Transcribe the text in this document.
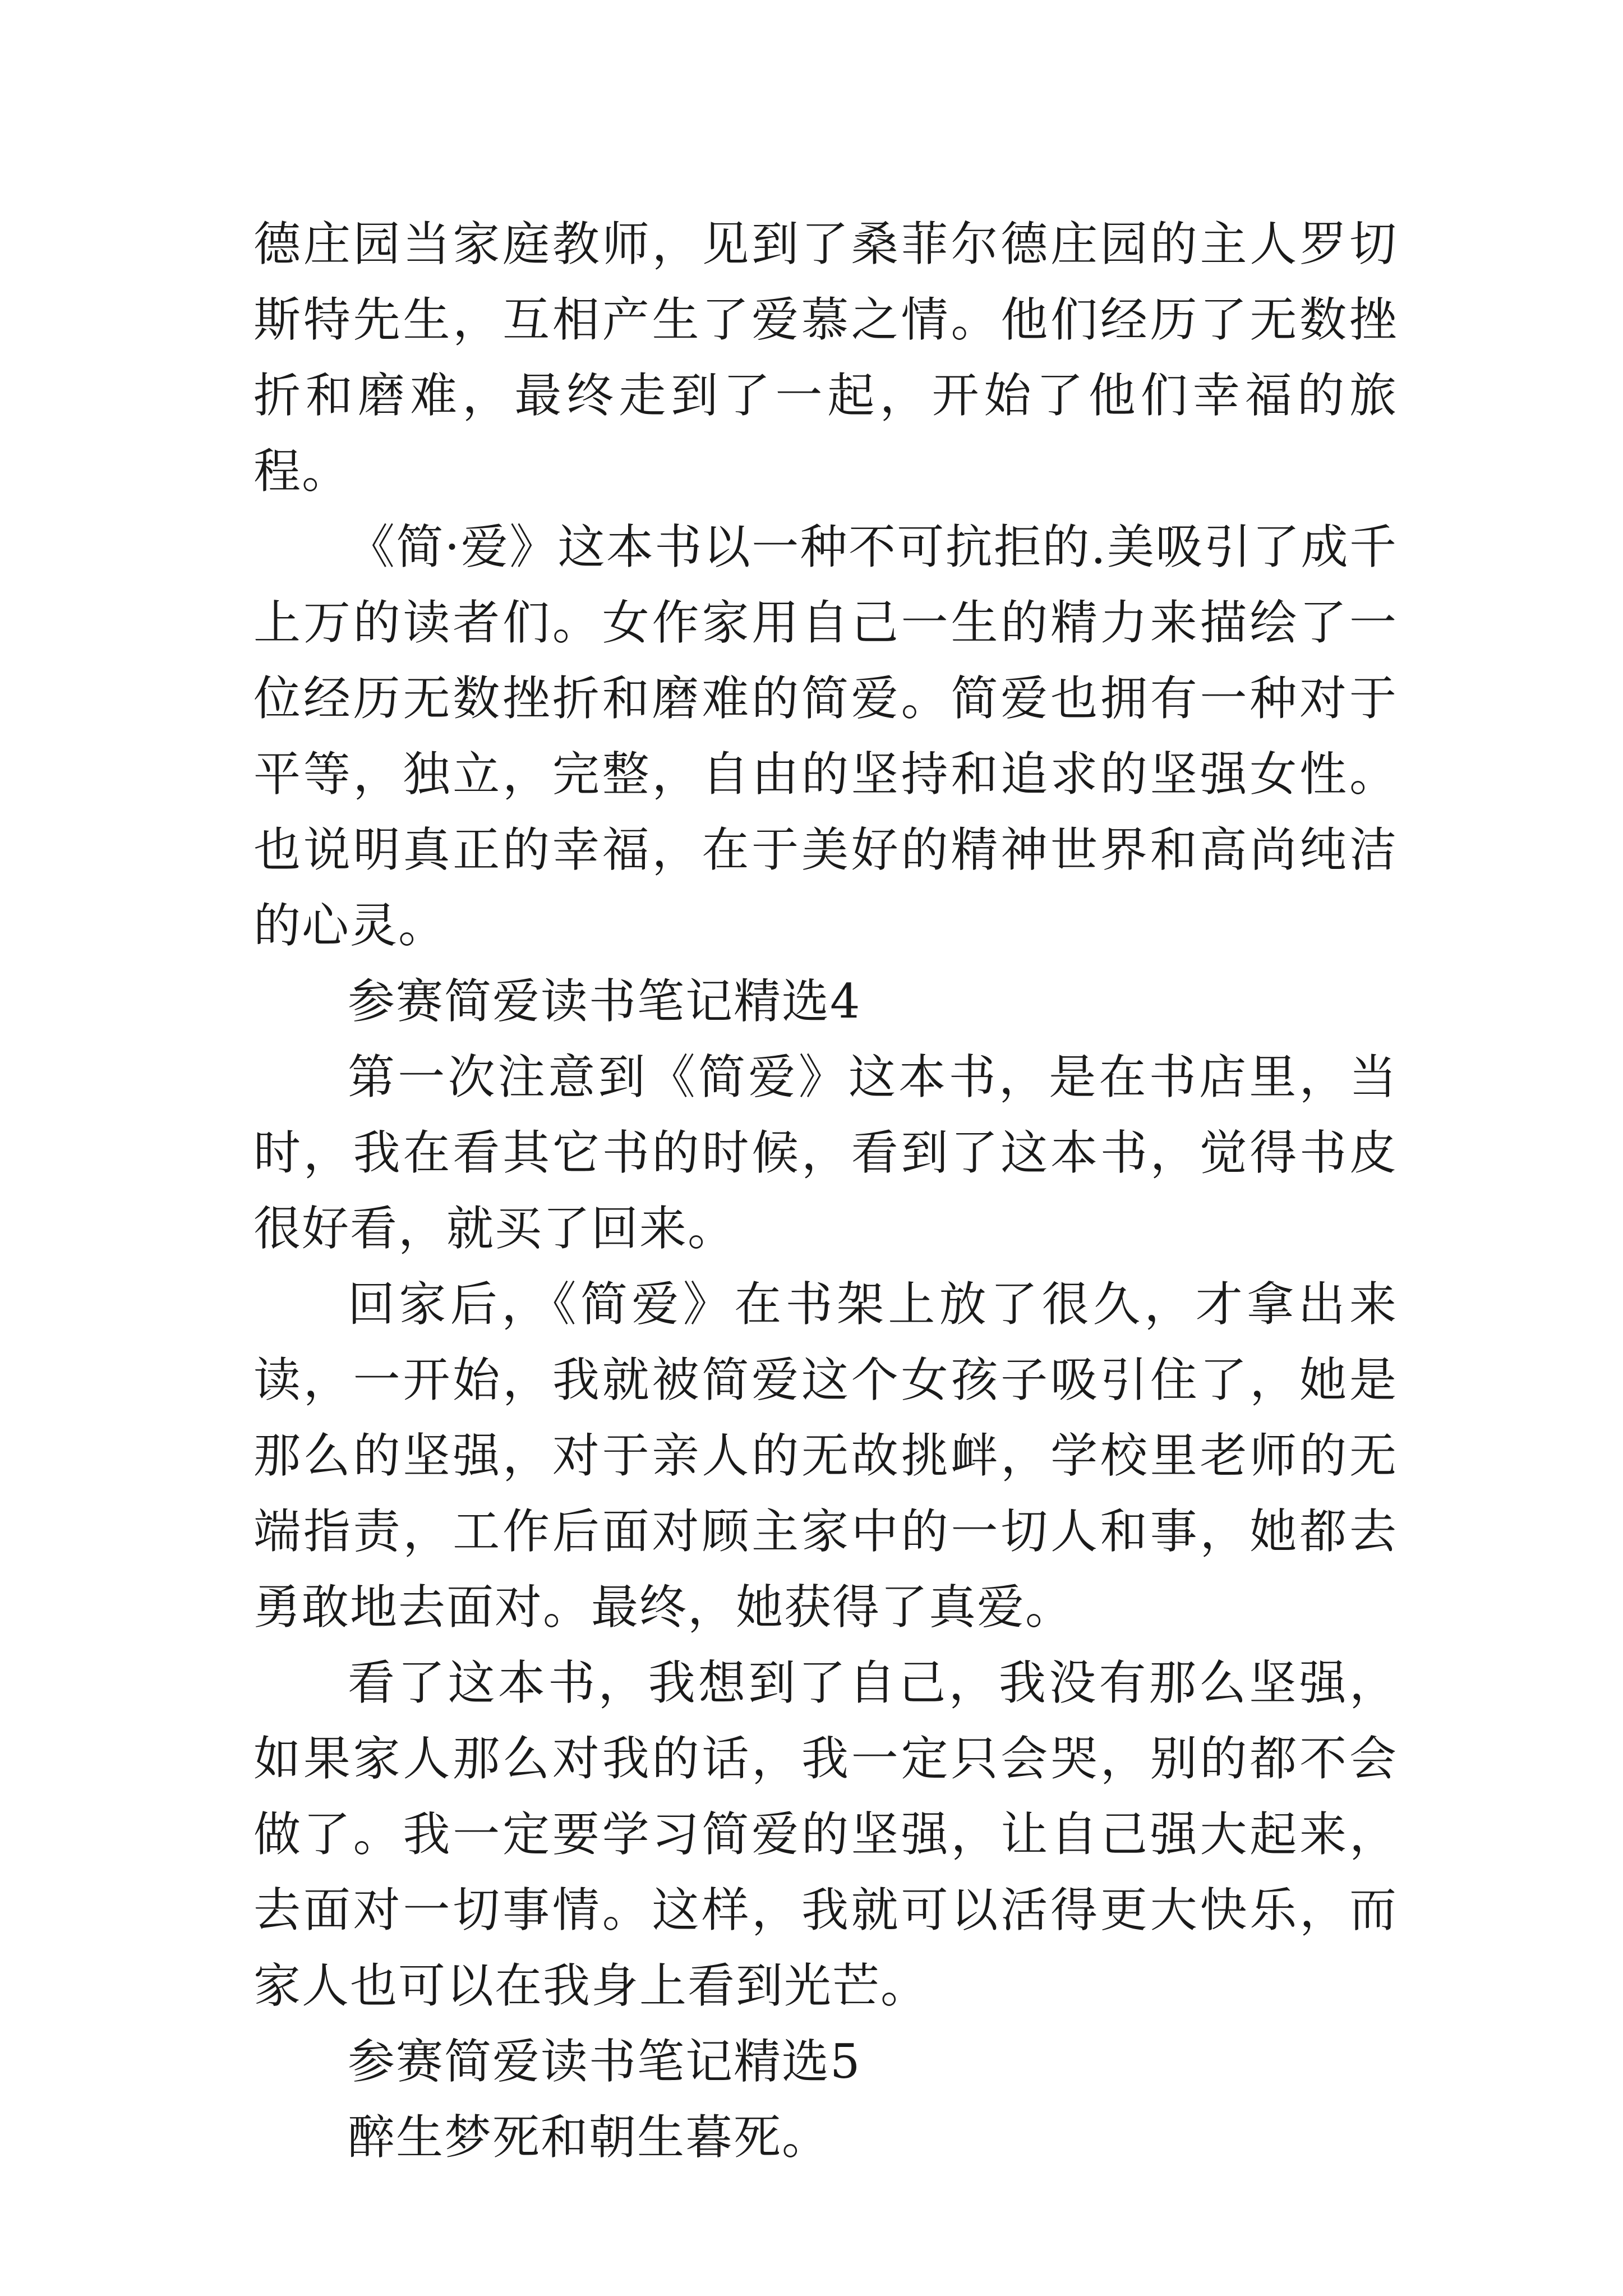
德庄园当家庭教师，见到了桑菲尔德庄园的主人罗切斯特先生，互相产生了爱慕之情。他们经历了无数挫折和磨难，最终走到了一起，开始了他们幸福的旅程。

《简·爱》这本书以一种不可抗拒的.美吸引了成千上万的读者们。女作家用自己一生的精力来描绘了一位经历无数挫折和磨难的简爱。简爱也拥有一种对于平等，独立，完整，自由的坚持和追求的坚强女性。也说明真正的幸福，在于美好的精神世界和高尚纯洁的心灵。

参赛简爱读书笔记精选4

第一次注意到《简爱》这本书，是在书店里，当时，我在看其它书的时候，看到了这本书，觉得书皮很好看，就买了回来。

回家后，《简爱》在书架上放了很久，才拿出来读，一开始，我就被简爱这个女孩子吸引住了，她是那么的坚强，对于亲人的无故挑衅，学校里老师的无端指责，工作后面对顾主家中的一切人和事，她都去勇敢地去面对。最终，她获得了真爱。

看了这本书，我想到了自己，我没有那么坚强，如果家人那么对我的话，我一定只会哭，别的都不会做了。我一定要学习简爱的坚强，让自己强大起来，去面对一切事情。这样，我就可以活得更大快乐，而家人也可以在我身上看到光芒。

参赛简爱读书笔记精选5

醉生梦死和朝生暮死。
